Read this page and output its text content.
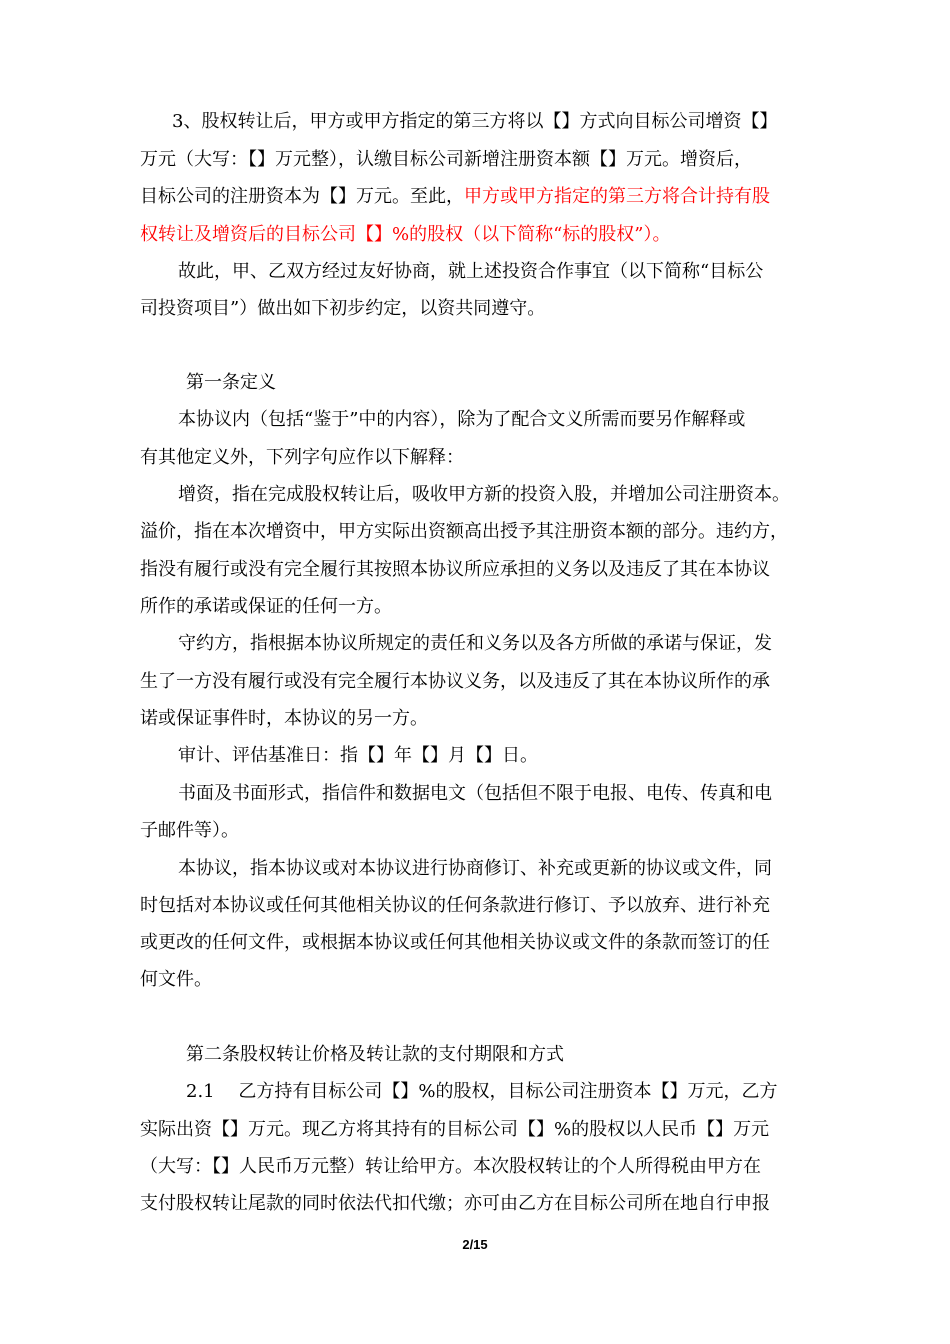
3、股权转让后，甲方或甲方指定的第三方将以【】方式向目标公司增资【】
万元（大写：【】万元整），认缴目标公司新增注册资本额【】万元。增资后，
目标公司的注册资本为【】万元。至此，甲方或甲方指定的第三方将合计持有股
权转让及增资后的目标公司【】%的股权（以下简称“标的股权”）。
故此，甲、乙双方经过友好协商，就上述投资合作事宜（以下简称“目标公
司投资项目”）做出如下初步约定，以资共同遵守。
第一条定义
本协议内（包括“鉴于”中的内容），除为了配合文义所需而要另作解释或
有其他定义外，下列字句应作以下解释：
增资，指在完成股权转让后，吸收甲方新的投资入股，并增加公司注册资本。
溢价，指在本次增资中，甲方实际出资额高出授予其注册资本额的部分。违约方，
指没有履行或没有完全履行其按照本协议所应承担的义务以及违反了其在本协议
所作的承诺或保证的任何一方。
守约方，指根据本协议所规定的责任和义务以及各方所做的承诺与保证，发
生了一方没有履行或没有完全履行本协议义务，以及违反了其在本协议所作的承
诺或保证事件时，本协议的另一方。
审计、评估基准日：指【】年【】月【】日。
书面及书面形式，指信件和数据电文（包括但不限于电报、电传、传真和电
子邮件等）。
本协议，指本协议或对本协议进行协商修订、补充或更新的协议或文件，同
时包括对本协议或任何其他相关协议的任何条款进行修订、予以放弃、进行补充
或更改的任何文件，或根据本协议或任何其他相关协议或文件的条款而签订的任
何文件。
第二条股权转让价格及转让款的支付期限和方式
2.1　 乙方持有目标公司【】%的股权，目标公司注册资本【】万元，乙方
实际出资【】万元。现乙方将其持有的目标公司【】%的股权以人民币【】万元
（大写：【】人民币万元整）转让给甲方。本次股权转让的个人所得税由甲方在
支付股权转让尾款的同时依法代扣代缴；亦可由乙方在目标公司所在地自行申报
2/15
